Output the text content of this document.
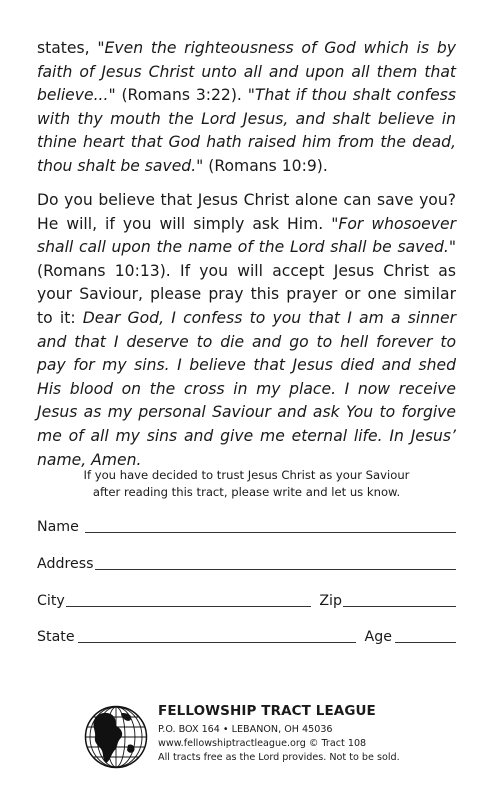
states, "Even the righteousness of God which is by faith of Jesus Christ unto all and upon all them that believe..." (Romans 3:22). "That if thou shalt confess with thy mouth the Lord Jesus, and shalt believe in thine heart that God hath raised him from the dead, thou shalt be saved." (Romans 10:9).

Do you believe that Jesus Christ alone can save you? He will, if you will simply ask Him. "For whosoever shall call upon the name of the Lord shall be saved." (Romans 10:13). If you will accept Jesus Christ as your Saviour, please pray this prayer or one similar to it: Dear God, I confess to you that I am a sinner and that I deserve to die and go to hell forever to pay for my sins. I believe that Jesus died and shed His blood on the cross in my place. I now receive Jesus as my personal Saviour and ask You to forgive me of all my sins and give me eternal life. In Jesus’ name, Amen.

If you have decided to trust Jesus Christ as your Saviour
after reading this tract, please write and let us know.
Name
Address
City	Zip
State	Age
FELLOWSHIP TRACT LEAGUE
P.O. BOX 164 • LEBANON, OH 45036
www.fellowshiptractleague.org © Tract 108
All tracts free as the Lord provides. Not to be sold.
